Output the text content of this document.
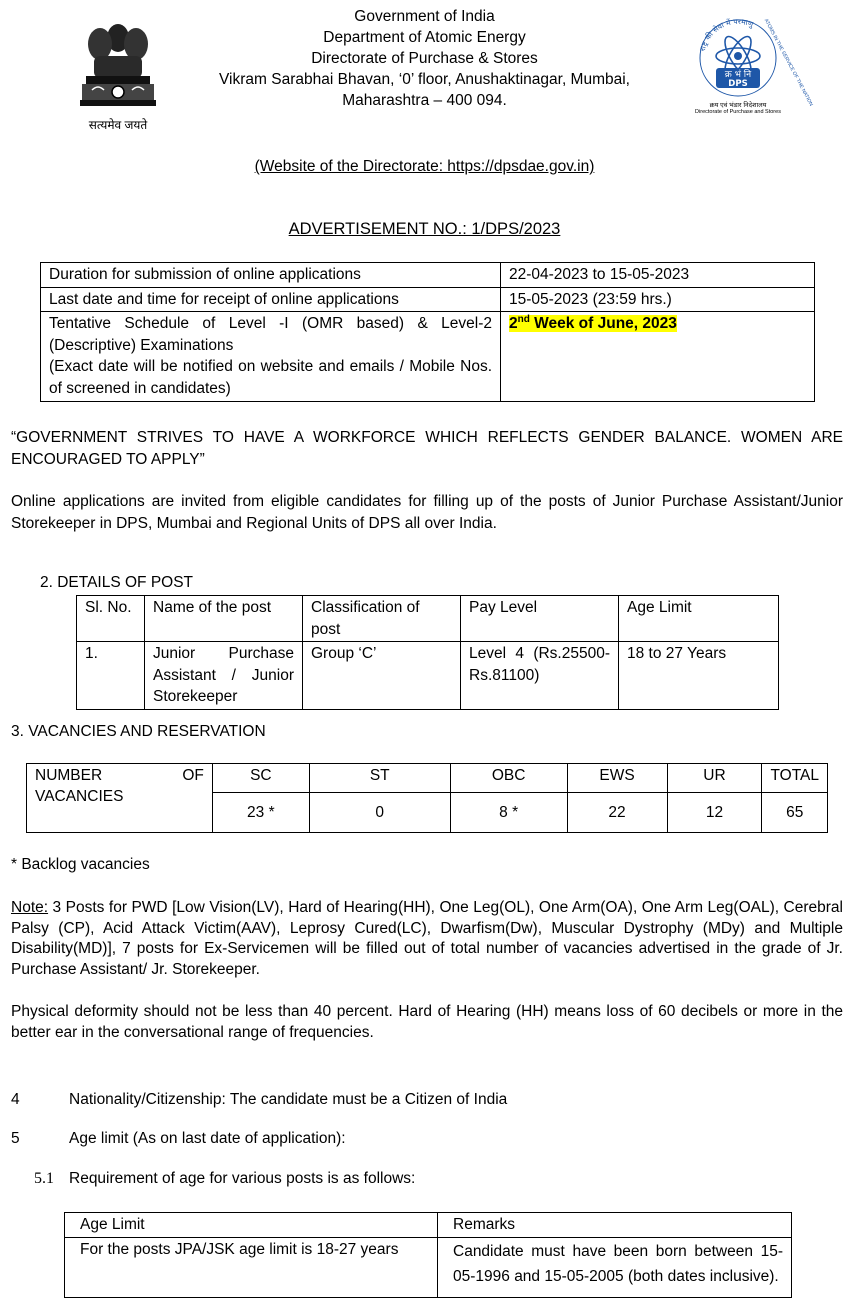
सत्यमेव जयते
राष्ट्र की सेवा में परमाणु
क्र भं नि
DPS	ATOMS IN THE SERVICE OF THE NATION
क्रय एवं भंडार निदेशालय
Directorate of Purchase and Stores
Government of India
Department of Atomic Energy
Directorate of Purchase & Stores
Vikram Sarabhai Bhavan, ‘0’ floor, Anushaktinagar, Mumbai,
Maharashtra – 400 094.
(Website of the Directorate: https://dpsdae.gov.in)
ADVERTISEMENT NO.: 1/DPS/2023
Duration for submission of online applications	22-04-2023 to 15-05-2023
Last date and time for receipt of online applications	15-05-2023 (23:59 hrs.)
Tentative Schedule of Level -I (OMR based) & Level-2 (Descriptive) Examinations
(Exact date will be notified on website and emails / Mobile Nos. of screened in candidates)	2nd Week of June, 2023
“GOVERNMENT STRIVES TO HAVE A WORKFORCE WHICH REFLECTS GENDER BALANCE. WOMEN ARE ENCOURAGED TO APPLY”
Online applications are invited from eligible candidates for filling up of the posts of Junior Purchase Assistant/Junior Storekeeper in DPS, Mumbai and Regional Units of DPS all over India.
2. DETAILS OF POST
Sl. No.	Name of the post	Classification of post	Pay Level	Age Limit
1.	Junior Purchase Assistant / Junior Storekeeper	Group ‘C’	Level 4 (Rs.25500-Rs.81100)	18 to 27 Years
3. VACANCIES AND RESERVATION
NUMBER OF VACANCIES	SC	ST	OBC	EWS	UR	TOTAL
	23 *	0	8 *	22	12	65
* Backlog vacancies
Note: 3 Posts for PWD [Low Vision(LV), Hard of Hearing(HH), One Leg(OL), One Arm(OA), One Arm Leg(OAL), Cerebral Palsy (CP), Acid Attack Victim(AAV), Leprosy Cured(LC), Dwarfism(Dw), Muscular Dystrophy (MDy) and Multiple Disability(MD)], 7 posts for Ex-Servicemen will be filled out of total number of vacancies advertised in the grade of Jr. Purchase Assistant/ Jr. Storekeeper.
Physical deformity should not be less than 40 percent. Hard of Hearing (HH) means loss of 60 decibels or more in the better ear in the conversational range of frequencies.
4	Nationality/Citizenship: The candidate must be a Citizen of India
5	Age limit (As on last date of application):
5.1 Requirement of age for various posts is as follows:
Age Limit	Remarks
For the posts JPA/JSK age limit is 18-27 years	Candidate must have been born between 15-05-1996 and 15-05-2005 (both dates inclusive).
